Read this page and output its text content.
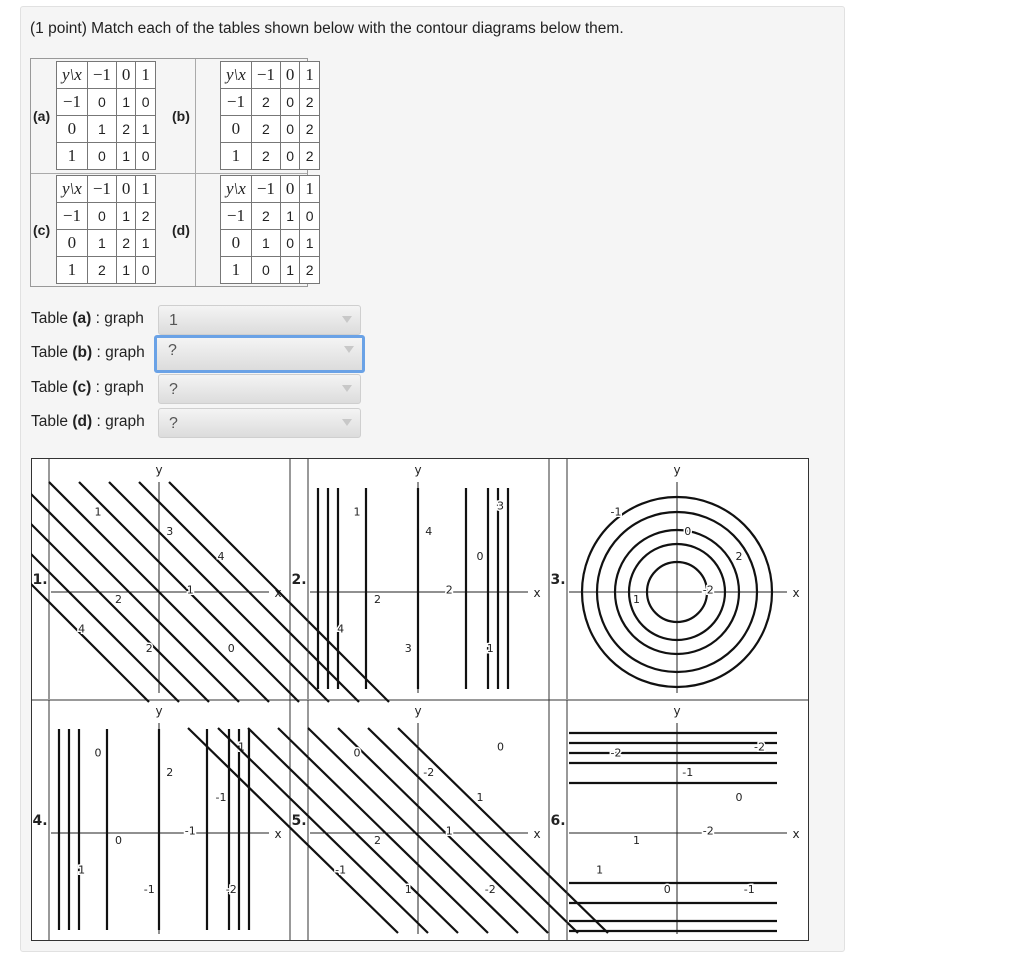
(1 point) Match each of the tables shown below with the contour diagrams below them.
(a)
y\x	−1	0	1
−1	0	1	0
0	1	2	1
1	0	1	0
(b)
y\x	−1	0	1
−1	2	0	2
0	2	0	2
1	2	0	2
(c)
y\x	−1	0	1
−1	0	1	2
0	1	2	1
1	2	1	0
(d)
y\x	−1	0	1
−1	2	1	0
0	1	0	1
1	0	1	2
Table (a) : graph	1
Table (b) : graph	?
Table (c) : graph	?
Table (d) : graph	?
1.
x
y
1
3
4
2
1
4
2	0
2.
x
y
1
4
0
2
2
4
3	1
3
3.
x
y
-1
0
2
1
-2
4.
x
y
0
2
-1
0
-1
1
-1	-2
1
5.
x
y
0
-2
1
2
1
-1
1	-2
0
6.
x
y
-2
-1
0
1
-2
1
0	-1
-2
